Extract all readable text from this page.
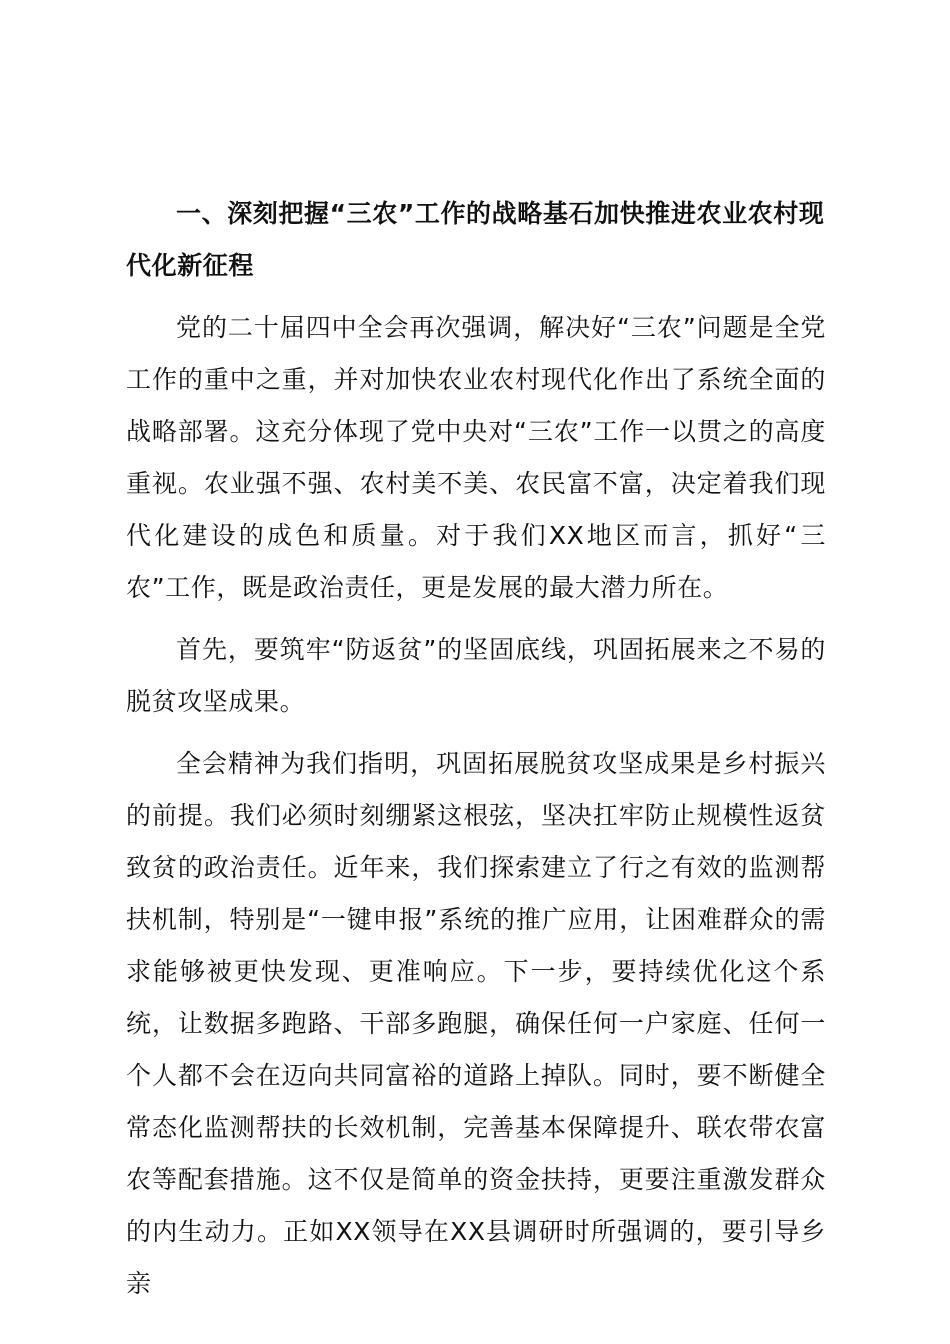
一、深刻把握“三农”工作的战略基石加快推进农业农村现代化新征程

党的二十届四中全会再次强调，解决好“三农”问题是全党工作的重中之重，并对加快农业农村现代化作出了系统全面的战略部署。这充分体现了党中央对“三农”工作一以贯之的高度重视。农业强不强、农村美不美、农民富不富，决定着我们现代化建设的成色和质量。对于我们XX地区而言，抓好“三农”工作，既是政治责任，更是发展的最大潜力所在。

首先，要筑牢“防返贫”的坚固底线，巩固拓展来之不易的脱贫攻坚成果。

全会精神为我们指明，巩固拓展脱贫攻坚成果是乡村振兴的前提。我们必须时刻绷紧这根弦，坚决扛牢防止规模性返贫致贫的政治责任。近年来，我们探索建立了行之有效的监测帮扶机制，特别是“一键申报”系统的推广应用，让困难群众的需求能够被更快发现、更准响应。下一步，要持续优化这个系统，让数据多跑路、干部多跑腿，确保任何一户家庭、任何一个人都不会在迈向共同富裕的道路上掉队。同时，要不断健全常态化监测帮扶的长效机制，完善基本保障提升、联农带农富农等配套措施。这不仅是简单的资金扶持，更要注重激发群众的内生动力。正如XX领导在XX县调研时所强调的，要引导乡亲
